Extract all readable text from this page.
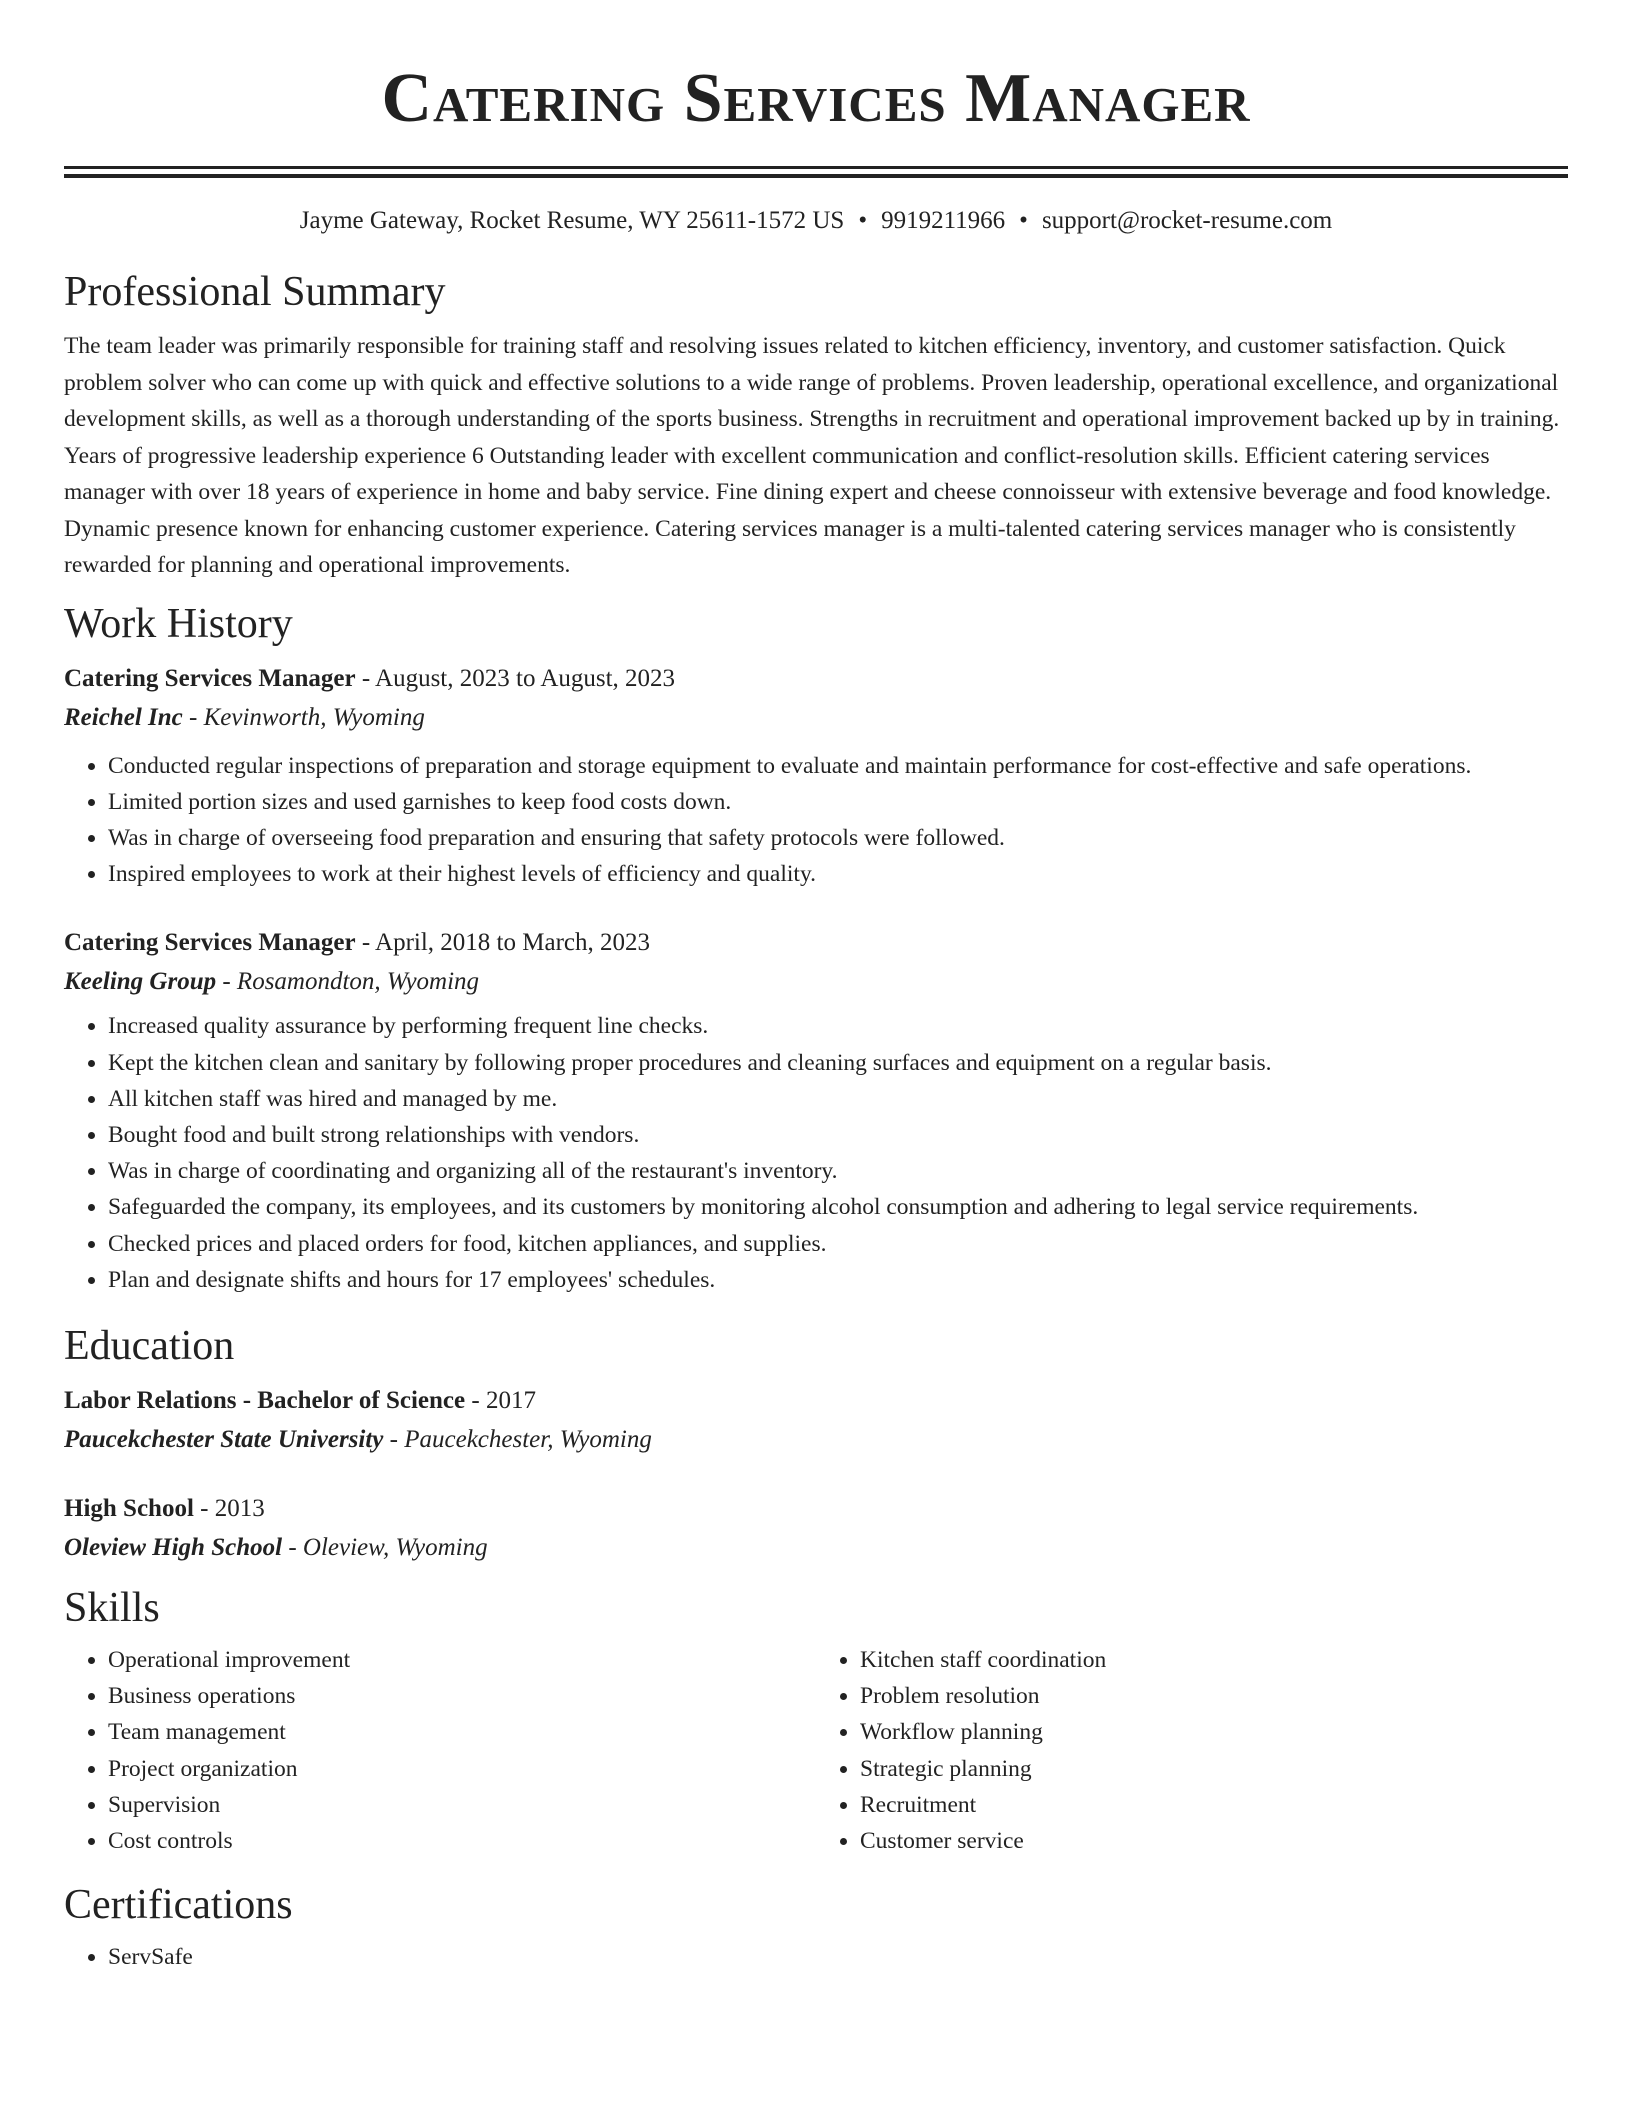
Catering Services Manager
Jayme Gateway, Rocket Resume, WY 25611-1572 US • 9919211966 • support@rocket-resume.com
Professional Summary

The team leader was primarily responsible for training staff and resolving issues related to kitchen efficiency, inventory, and customer satisfaction. Quick problem solver who can come up with quick and effective solutions to a wide range of problems. Proven leadership, operational excellence, and organizational development skills, as well as a thorough understanding of the sports business. Strengths in recruitment and operational improvement backed up by in training. Years of progressive leadership experience 6 Outstanding leader with excellent communication and conflict-resolution skills. Efficient catering services manager with over 18 years of experience in home and baby service. Fine dining expert and cheese connoisseur with extensive beverage and food knowledge. Dynamic presence known for enhancing customer experience. Catering services manager is a multi-talented catering services manager who is consistently rewarded for planning and operational improvements.

Work History
Catering Services Manager - August, 2023 to August, 2023
Reichel Inc - Kevinworth, Wyoming
• Conducted regular inspections of preparation and storage equipment to evaluate and maintain performance for cost-effective and safe operations.
• Limited portion sizes and used garnishes to keep food costs down.
• Was in charge of overseeing food preparation and ensuring that safety protocols were followed.
• Inspired employees to work at their highest levels of efficiency and quality.
Catering Services Manager - April, 2018 to March, 2023
Keeling Group - Rosamondton, Wyoming
• Increased quality assurance by performing frequent line checks.
• Kept the kitchen clean and sanitary by following proper procedures and cleaning surfaces and equipment on a regular basis.
• All kitchen staff was hired and managed by me.
• Bought food and built strong relationships with vendors.
• Was in charge of coordinating and organizing all of the restaurant's inventory.
• Safeguarded the company, its employees, and its customers by monitoring alcohol consumption and adhering to legal service requirements.
• Checked prices and placed orders for food, kitchen appliances, and supplies.
• Plan and designate shifts and hours for 17 employees' schedules.
Education
Labor Relations - Bachelor of Science - 2017
Paucekchester State University - Paucekchester, Wyoming
High School - 2013
Oleview High School - Oleview, Wyoming
Skills
• Operational improvement
• Business operations
• Team management
• Project organization
• Supervision
• Cost controls
• Kitchen staff coordination
• Problem resolution
• Workflow planning
• Strategic planning
• Recruitment
• Customer service
Certifications
• ServSafe
